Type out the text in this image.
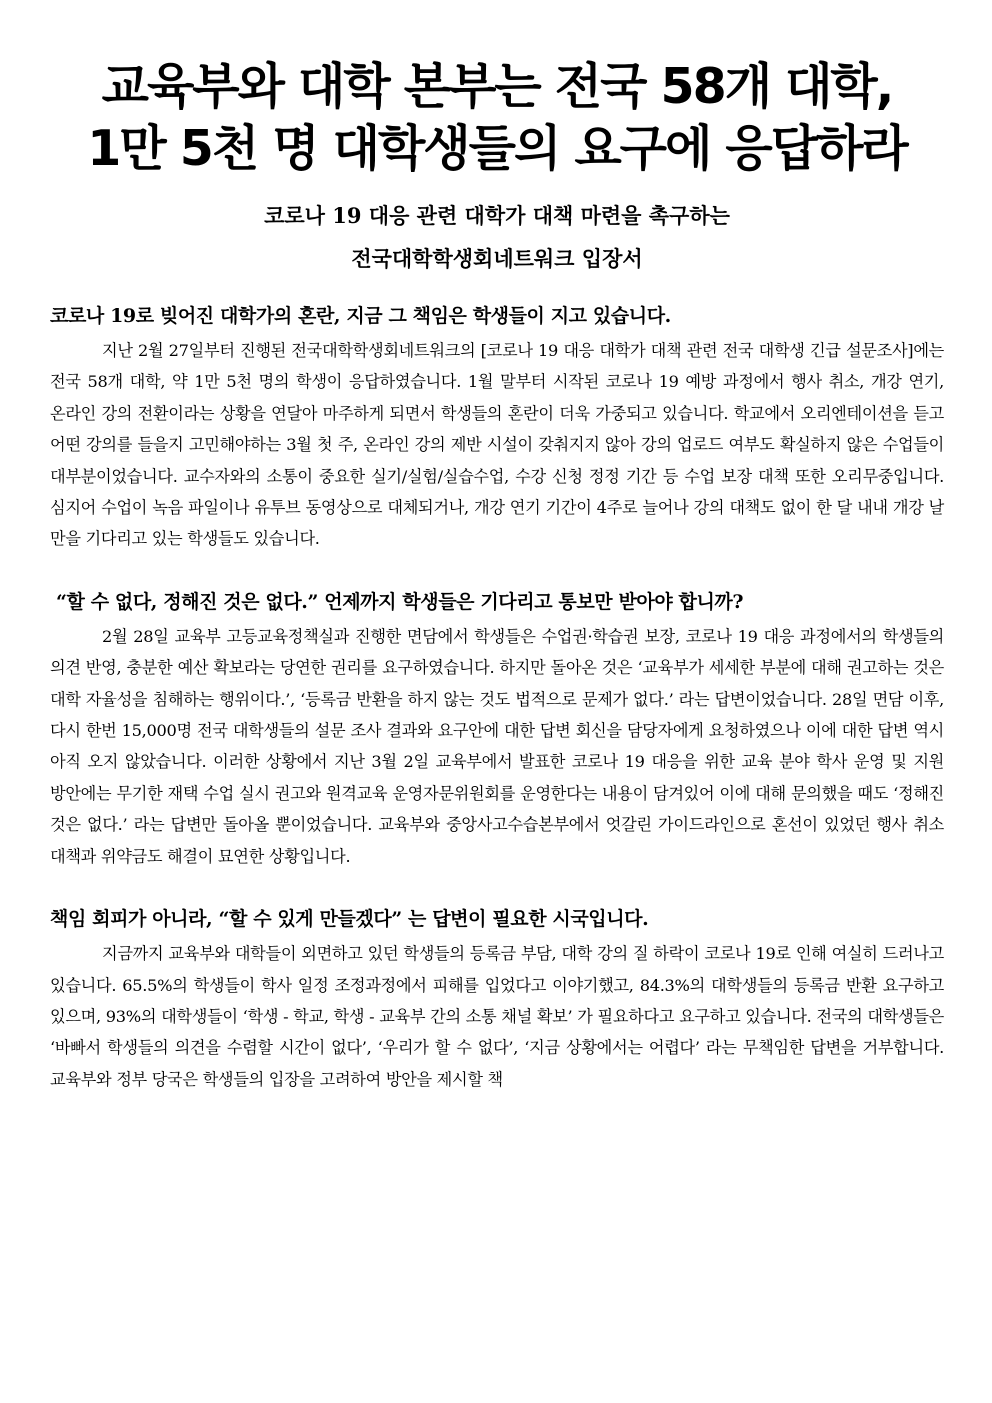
교육부와 대학 본부는 전국 58개 대학,
1만 5천 명 대학생들의 요구에 응답하라
코로나 19 대응 관련 대학가 대책 마련을 촉구하는
전국대학학생회네트워크 입장서
코로나 19로 빚어진 대학가의 혼란, 지금 그 책임은 학생들이 지고 있습니다.

지난 2월 27일부터 진행된 전국대학학생회네트워크의 [코로나 19 대응 대학가 대책 관련 전국 대학생 긴급 설문조사]에는 전국 58개 대학, 약 1만 5천 명의 학생이 응답하였습니다. 1월 말부터 시작된 코로나 19 예방 과정에서 행사 취소, 개강 연기, 온라인 강의 전환이라는 상황을 연달아 마주하게 되면서 학생들의 혼란이 더욱 가중되고 있습니다. 학교에서 오리엔테이션을 듣고 어떤 강의를 들을지 고민해야하는 3월 첫 주, 온라인 강의 제반 시설이 갖춰지지 않아 강의 업로드 여부도 확실하지 않은 수업들이 대부분이었습니다. 교수자와의 소통이 중요한 실기/실험/실습수업, 수강 신청 정정 기간 등 수업 보장 대책 또한 오리무중입니다. 심지어 수업이 녹음 파일이나 유투브 동영상으로 대체되거나, 개강 연기 기간이 4주로 늘어나 강의 대책도 없이 한 달 내내 개강 날 만을 기다리고 있는 학생들도 있습니다.

“할 수 없다, 정해진 것은 없다.” 언제까지 학생들은 기다리고 통보만 받아야 합니까?

2월 28일 교육부 고등교육정책실과 진행한 면담에서 학생들은 수업권·학습권 보장, 코로나 19 대응 과정에서의 학생들의 의견 반영, 충분한 예산 확보라는 당연한 권리를 요구하였습니다. 하지만 돌아온 것은 ‘교육부가 세세한 부분에 대해 권고하는 것은 대학 자율성을 침해하는 행위이다.’, ‘등록금 반환을 하지 않는 것도 법적으로 문제가 없다.’ 라는 답변이었습니다. 28일 면담 이후, 다시 한번 15,000명 전국 대학생들의 설문 조사 결과와 요구안에 대한 답변 회신을 담당자에게 요청하였으나 이에 대한 답변 역시 아직 오지 않았습니다. 이러한 상황에서 지난 3월 2일 교육부에서 발표한 코로나 19 대응을 위한 교육 분야 학사 운영 및 지원 방안에는 무기한 재택 수업 실시 권고와 원격교육 운영자문위원회를 운영한다는 내용이 담겨있어 이에 대해 문의했을 때도 ‘정해진 것은 없다.’ 라는 답변만 돌아올 뿐이었습니다. 교육부와 중앙사고수습본부에서 엇갈린 가이드라인으로 혼선이 있었던 행사 취소 대책과 위약금도 해결이 묘연한 상황입니다.

책임 회피가 아니라, “할 수 있게 만들겠다” 는 답변이 필요한 시국입니다.

지금까지 교육부와 대학들이 외면하고 있던 학생들의 등록금 부담, 대학 강의 질 하락이 코로나 19로 인해 여실히 드러나고 있습니다. 65.5%의 학생들이 학사 일정 조정과정에서 피해를 입었다고 이야기했고, 84.3%의 대학생들의 등록금 반환 요구하고 있으며, 93%의 대학생들이 ‘학생 - 학교, 학생 - 교육부 간의 소통 채널 확보’ 가 필요하다고 요구하고 있습니다. 전국의 대학생들은 ‘바빠서 학생들의 의견을 수렴할 시간이 없다’, ‘우리가 할 수 없다’, ‘지금 상황에서는 어렵다’ 라는 무책임한 답변을 거부합니다. 교육부와 정부 당국은 학생들의 입장을 고려하여 방안을 제시할 책
